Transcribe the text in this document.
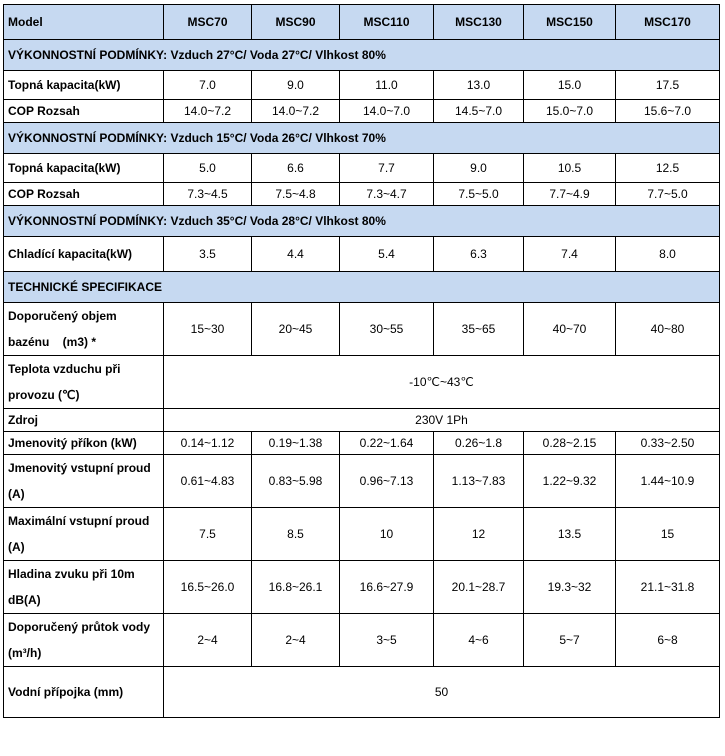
Model	MSC70	MSC90	MSC110	MSC130	MSC150	MSC170
VÝKONNOSTNÍ PODMÍNKY: Vzduch 27°C/ Voda 27°C/ Vlhkost 80%						
Topná kapacita(kW)	7.0	9.0	11.0	13.0	15.0	17.5
COP Rozsah	14.0~7.2	14.0~7.2	14.0~7.0	14.5~7.0	15.0~7.0	15.6~7.0
VÝKONNOSTNÍ PODMÍNKY: Vzduch 15°C/ Voda 26°C/ Vlhkost 70%						
Topná kapacita(kW)	5.0	6.6	7.7	9.0	10.5	12.5
COP Rozsah	7.3~4.5	7.5~4.8	7.3~4.7	7.5~5.0	7.7~4.9	7.7~5.0
VÝKONNOSTNÍ PODMÍNKY: Vzduch 35°C/ Voda 28°C/ Vlhkost 80%						
Chladící kapacita(kW)	3.5	4.4	5.4	6.3	7.4	8.0
TECHNICKÉ SPECIFIKACE						

Doporučený objem
bazénu    (m3) *	15~30	20~45	30~55	35~65	40~70	40~80

Teplota vzduchu při
provozu (℃)	-10℃~43℃					
Zdroj	230V 1Ph					
Jmenovitý příkon (kW)	0.14~1.12	0.19~1.38	0.22~1.64	0.26~1.8	0.28~2.15	0.33~2.50

Jmenovitý vstupní proud
(A)	0.61~4.83	0.83~5.98	0.96~7.13	1.13~7.83	1.22~9.32	1.44~10.9

Maximální vstupní proud
(A)	7.5	8.5	10	12	13.5	15

Hladina zvuku při 10m
dB(A)	16.5~26.0	16.8~26.1	16.6~27.9	20.1~28.7	19.3~32	21.1~31.8

Doporučený průtok vody
(m³/h)	2~4	2~4	3~5	4~6	5~7	6~8
Vodní přípojka (mm)	50					
